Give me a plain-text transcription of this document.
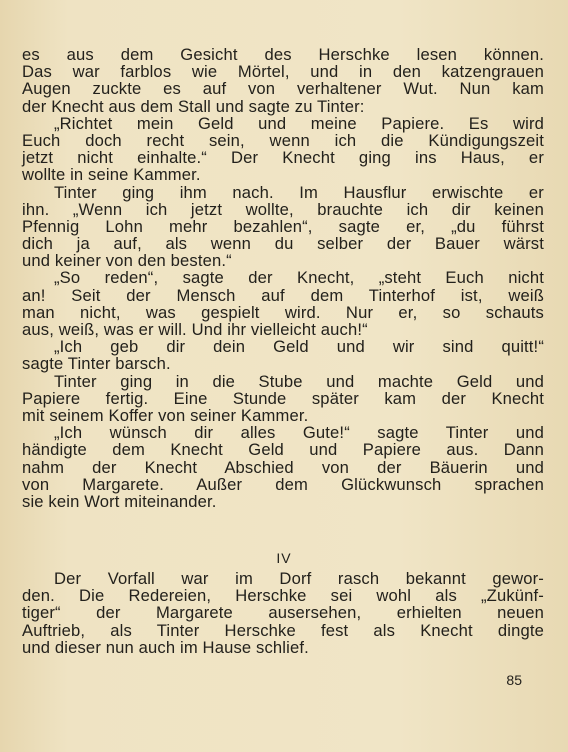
es aus dem Gesicht des Herschke lesen können.
Das war farblos wie Mörtel, und in den katzengrauen
Augen zuckte es auf von verhaltener Wut. Nun kam
der Knecht aus dem Stall und sagte zu Tinter:
„Richtet mein Geld und meine Papiere. Es wird
Euch doch recht sein, wenn ich die Kündigungszeit
jetzt nicht einhalte.“ Der Knecht ging ins Haus, er
wollte in seine Kammer.
Tinter ging ihm nach. Im Hausflur erwischte er
ihn. „Wenn ich jetzt wollte, brauchte ich dir keinen
Pfennig Lohn mehr bezahlen“, sagte er, „du führst
dich ja auf, als wenn du selber der Bauer wärst
und keiner von den besten.“
„So reden“, sagte der Knecht, „steht Euch nicht
an! Seit der Mensch auf dem Tinterhof ist, weiß
man nicht, was gespielt wird. Nur er, so schauts
aus, weiß, was er will. Und ihr vielleicht auch!“
„Ich geb dir dein Geld und wir sind quitt!“
sagte Tinter barsch.
Tinter ging in die Stube und machte Geld und
Papiere fertig. Eine Stunde später kam der Knecht
mit seinem Koffer von seiner Kammer.
„Ich wünsch dir alles Gute!“ sagte Tinter und
händigte dem Knecht Geld und Papiere aus. Dann
nahm der Knecht Abschied von der Bäuerin und
von Margarete. Außer dem Glückwunsch sprachen
sie kein Wort miteinander.
IV
Der Vorfall war im Dorf rasch bekannt gewor-
den. Die Redereien, Herschke sei wohl als „Zukünf-
tiger“ der Margarete ausersehen, erhielten neuen
Auftrieb, als Tinter Herschke fest als Knecht dingte
und dieser nun auch im Hause schlief.
85
